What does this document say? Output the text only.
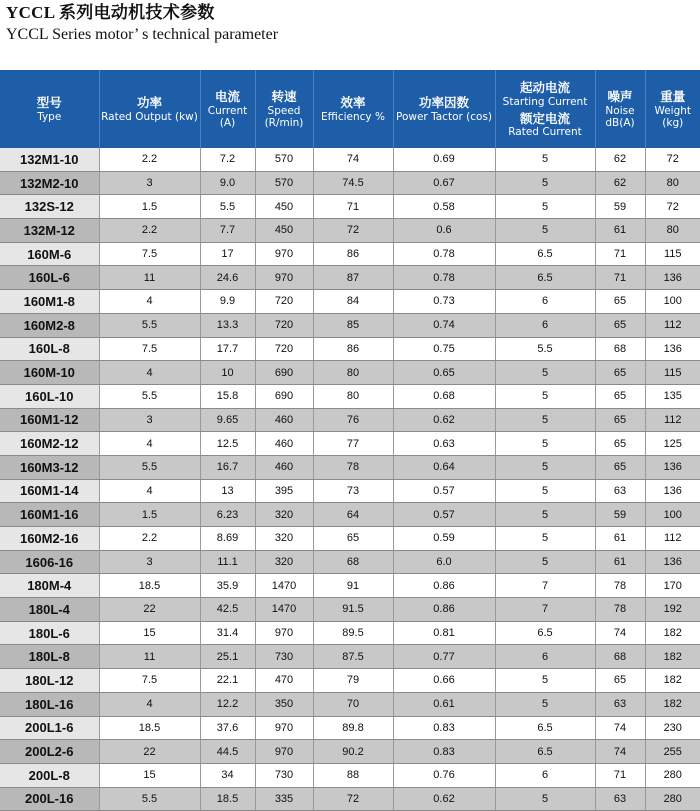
YCCL 系列电动机技术参数
YCCL Series motor’ s technical parameter
型号
Type	功率
Rated Output (kw)	电流
Current (A)	转速
Speed (R/min)	效率
Efficiency %	功率因数
Power Tactor (cos)	起动电流
Starting Current
额定电流
Rated Current	噪声
Noise dB(A)	重量
Weight (kg)

132M1-10	2.2	7.2	570	74	0.69	5	62	72
132M2-10	3	9.0	570	74.5	0.67	5	62	80
132S-12	1.5	5.5	450	71	0.58	5	59	72
132M-12	2.2	7.7	450	72	0.6	5	61	80
160M-6	7.5	17	970	86	0.78	6.5	71	115
160L-6	11	24.6	970	87	0.78	6.5	71	136
160M1-8	4	9.9	720	84	0.73	6	65	100
160M2-8	5.5	13.3	720	85	0.74	6	65	112
160L-8	7.5	17.7	720	86	0.75	5.5	68	136
160M-10	4	10	690	80	0.65	5	65	115
160L-10	5.5	15.8	690	80	0.68	5	65	135
160M1-12	3	9.65	460	76	0.62	5	65	112
160M2-12	4	12.5	460	77	0.63	5	65	125
160M3-12	5.5	16.7	460	78	0.64	5	65	136
160M1-14	4	13	395	73	0.57	5	63	136
160M1-16	1.5	6.23	320	64	0.57	5	59	100
160M2-16	2.2	8.69	320	65	0.59	5	61	112
1606-16	3	11.1	320	68	6.0	5	61	136
180M-4	18.5	35.9	1470	91	0.86	7	78	170
180L-4	22	42.5	1470	91.5	0.86	7	78	192
180L-6	15	31.4	970	89.5	0.81	6.5	74	182
180L-8	11	25.1	730	87.5	0.77	6	68	182
180L-12	7.5	22.1	470	79	0.66	5	65	182
180L-16	4	12.2	350	70	0.61	5	63	182
200L1-6	18.5	37.6	970	89.8	0.83	6.5	74	230
200L2-6	22	44.5	970	90.2	0.83	6.5	74	255
200L-8	15	34	730	88	0.76	6	71	280
200L-16	5.5	18.5	335	72	0.62	5	63	280
